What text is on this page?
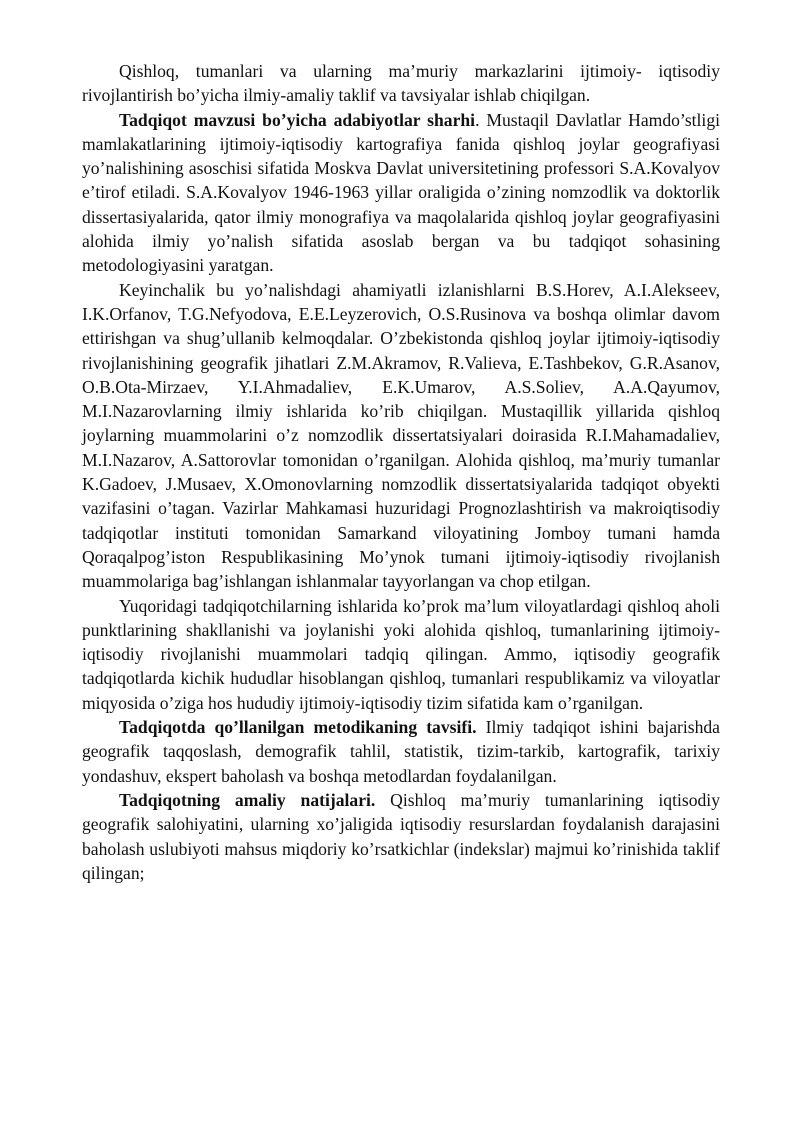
Qishloq, tumanlari va ularning ma’muriy markazlarini ijtimoiy- iqtisodiy rivojlantirish bo’yicha ilmiy-amaliy taklif va tavsiyalar ishlab chiqilgan.

Tadqiqot mavzusi bo’yicha adabiyotlar sharhi. Mustaqil Davlatlar Hamdo’stligi mamlakatlarining ijtimoiy-iqtisodiy kartografiya fanida qishloq joylar geografiyasi yo’nalishining asoschisi sifatida Moskva Davlat universitetining professori S.A.Kovalyov e’tirof etiladi. S.A.Kovalyov 1946-1963 yillar oraligida o’zining nomzodlik va doktorlik dissertasiyalarida, qator ilmiy monografiya va maqolalarida qishloq joylar geografiyasini alohida ilmiy yo’nalish sifatida asoslab bergan va bu tadqiqot sohasining metodologiyasini yaratgan.

Keyinchalik bu yo’nalishdagi ahamiyatli izlanishlarni B.S.Horev, A.I.Alekseev, I.K.Orfanov, T.G.Nefyodova, E.E.Leyzerovich, O.S.Rusinova va boshqa olimlar davom ettirishgan va shug’ullanib kelmoqdalar. O’zbekistonda qishloq joylar ijtimoiy-iqtisodiy rivojlanishining geografik jihatlari Z.M.Akramov, R.Valieva, E.Tashbekov, G.R.Asanov, O.B.Ota-Mirzaev, Y.I.Ahmadaliev, E.K.Umarov, A.S.Soliev, A.A.Qayumov, M.I.Nazarovlarning ilmiy ishlarida ko’rib chiqilgan. Mustaqillik yillarida qishloq joylarning muammolarini o’z nomzodlik dissertatsiyalari doirasida R.I.Mahamadaliev, M.I.Nazarov, A.Sattorovlar tomonidan o’rganilgan. Alohida qishloq, ma’muriy tumanlar K.Gadoev, J.Musaev, X.Omonovlarning nomzodlik dissertatsiyalarida tadqiqot obyekti vazifasini o’tagan. Vazirlar Mahkamasi huzuridagi Prognozlashtirish va makroiqtisodiy tadqiqotlar instituti tomonidan Samarkand viloyatining Jomboy tumani hamda Qoraqalpog’iston Respublikasining Mo’ynok tumani ijtimoiy-iqtisodiy rivojlanish muammolariga bag’ishlangan ishlanmalar tayyorlangan va chop etilgan.

Yuqoridagi tadqiqotchilarning ishlarida ko’prok ma’lum viloyatlardagi qishloq aholi punktlarining shakllanishi va joylanishi yoki alohida qishloq, tumanlarining ijtimoiy-iqtisodiy rivojlanishi muammolari tadqiq qilingan. Ammo, iqtisodiy geografik tadqiqotlarda kichik hududlar hisoblangan qishloq, tumanlari respublikamiz va viloyatlar miqyosida o’ziga hos hududiy ijtimoiy-iqtisodiy tizim sifatida kam o’rganilgan.

Tadqiqotda qo’llanilgan metodikaning tavsifi. Ilmiy tadqiqot ishini bajarishda geografik taqqoslash, demografik tahlil, statistik, tizim-tarkib, kartografik, tarixiy yondashuv, ekspert baholash va boshqa metodlardan foydalanilgan.

Tadqiqotning amaliy natijalari. Qishloq ma’muriy tumanlarining iqtisodiy geografik salohiyatini, ularning xo’jaligida iqtisodiy resurslardan foydalanish darajasini baholash uslubiyoti mahsus miqdoriy ko’rsatkichlar (indekslar) majmui ko’rinishida taklif qilingan;
